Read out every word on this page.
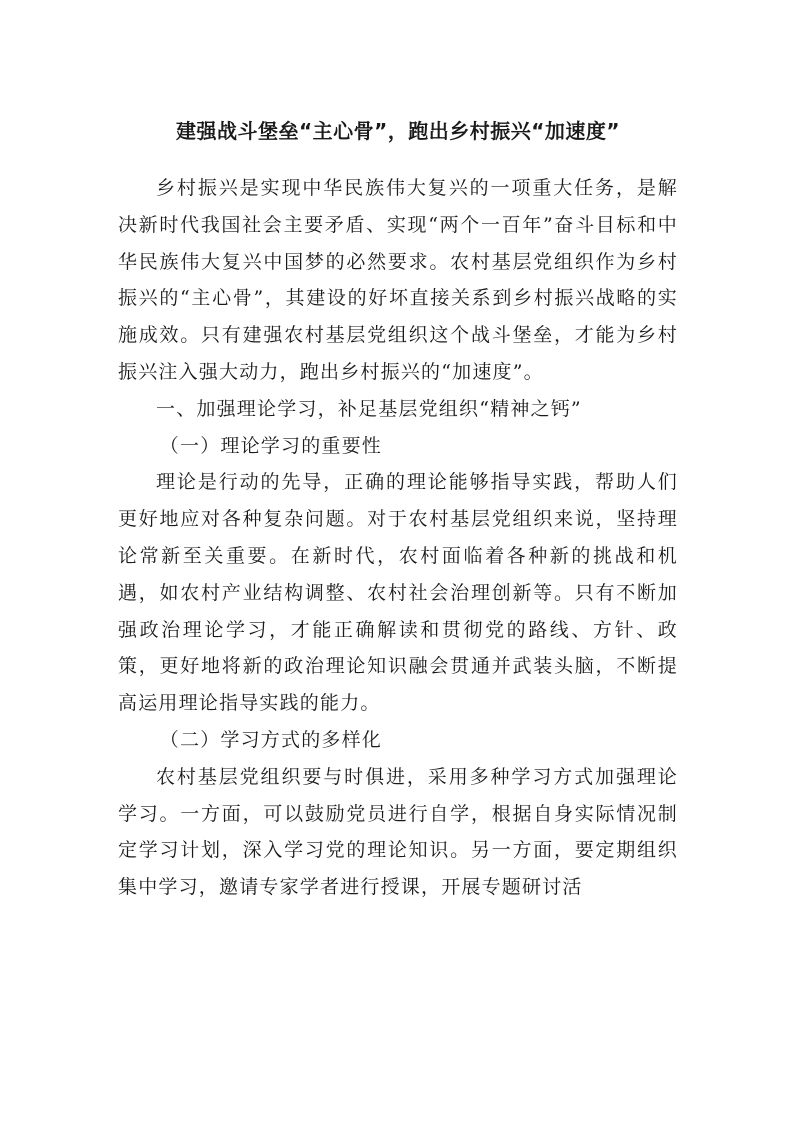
建强战斗堡垒“主心骨”，跑出乡村振兴“加速度”

乡村振兴是实现中华民族伟大复兴的一项重大任务，是解决新时代我国社会主要矛盾、实现“两个一百年”奋斗目标和中华民族伟大复兴中国梦的必然要求。农村基层党组织作为乡村振兴的“主心骨”，其建设的好坏直接关系到乡村振兴战略的实施成效。只有建强农村基层党组织这个战斗堡垒，才能为乡村振兴注入强大动力，跑出乡村振兴的“加速度”。

一、加强理论学习，补足基层党组织“精神之钙”

（一）理论学习的重要性

理论是行动的先导，正确的理论能够指导实践，帮助人们更好地应对各种复杂问题。对于农村基层党组织来说，坚持理论常新至关重要。在新时代，农村面临着各种新的挑战和机遇，如农村产业结构调整、农村社会治理创新等。只有不断加强政治理论学习，才能正确解读和贯彻党的路线、方针、政策，更好地将新的政治理论知识融会贯通并武装头脑，不断提高运用理论指导实践的能力。

（二）学习方式的多样化

农村基层党组织要与时俱进，采用多种学习方式加强理论学习。一方面，可以鼓励党员进行自学，根据自身实际情况制定学习计划，深入学习党的理论知识。另一方面，要定期组织集中学习，邀请专家学者进行授课，开展专题研讨活
